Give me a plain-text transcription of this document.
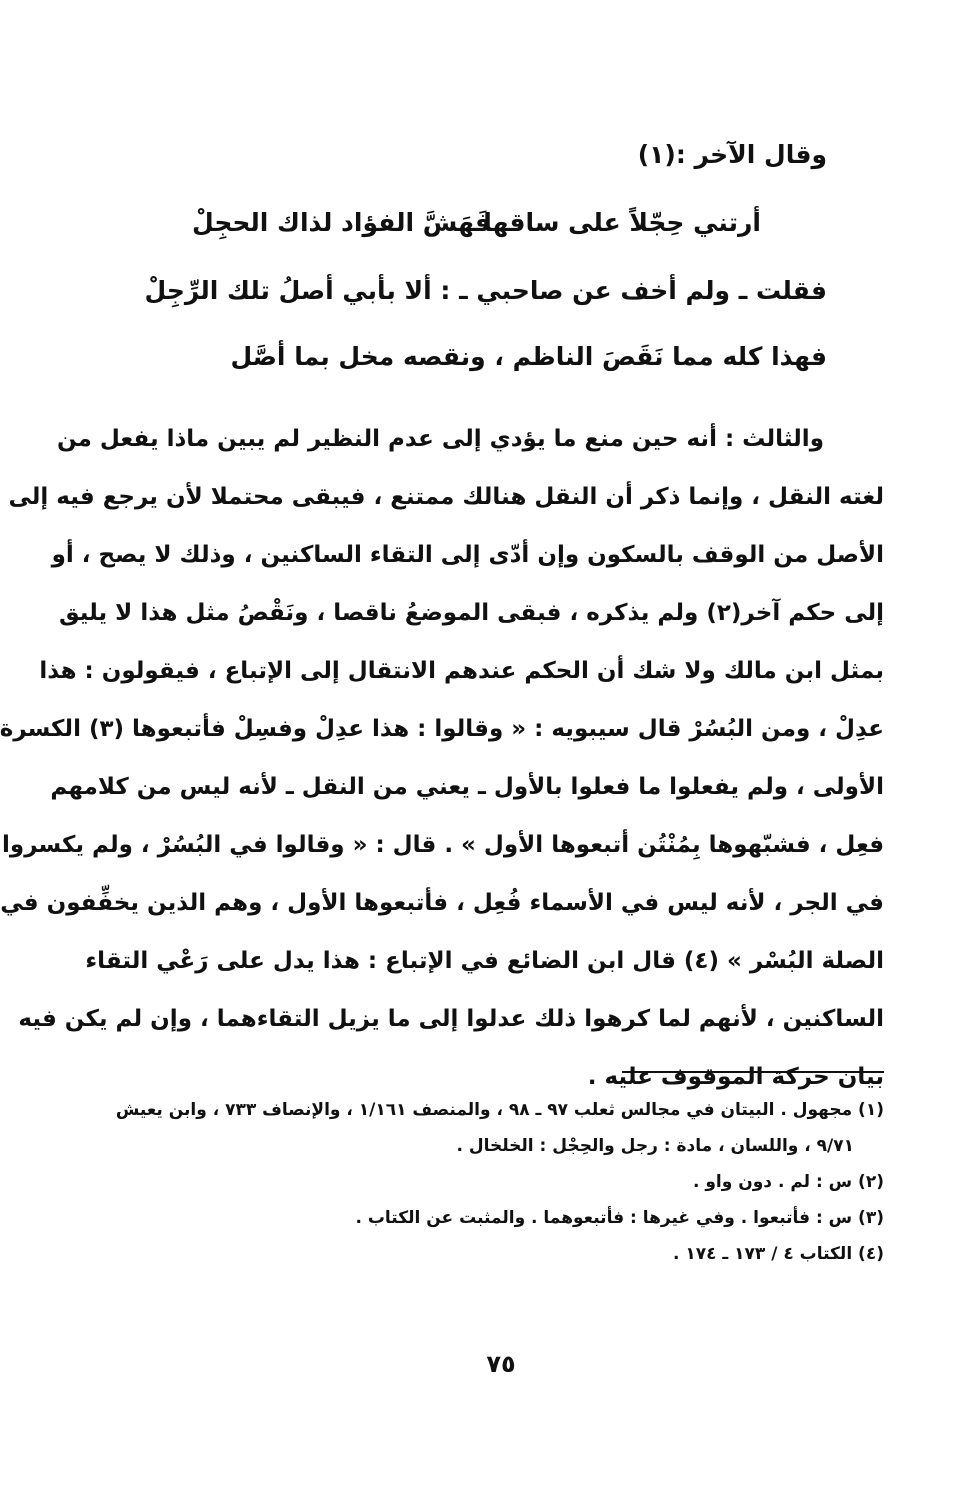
وقال الآخر :(١)
أرتني حِجّلاً على ساقها
فَهَشَّ الفؤاد لذاك الحجِلْ
فقلت ـ ولم أخف عن صاحبي ـ : ألا بأبي أصلُ تلك الرِّجِلْ
فهذا كله مما نَقَصَ الناظم ، ونقصه مخل بما أصَّل
والثالث : أنه حين منع ما يؤدي إلى عدم النظير لم يبين ماذا يفعل من
لغته النقل ، وإنما ذكر أن النقل هنالك ممتنع ، فيبقى محتملا لأن يرجع فيه إلى
الأصل من الوقف بالسكون وإن أدّى إلى التقاء الساكنين ، وذلك لا يصح ، أو
إلى حكم آخر(٢) ولم يذكره ، فبقى الموضعُ ناقصا ، ونَقْصُ مثل هذا لا يليق
بمثل ابن مالك ولا شك أن الحكم عندهم الانتقال إلى الإتباع ، فيقولون : هذا
عدِلْ ، ومن البُسُرْ قال سيبويه : « وقالوا : هذا عدِلْ وفسِلْ فأتبعوها (٣) الكسرة
الأولى ، ولم يفعلوا ما فعلوا بالأول ـ يعني من النقل ـ لأنه ليس من كلامهم
فعِل ، فشبّهوها بِمُنْتُن أتبعوها الأول » . قال : « وقالوا في البُسُرْ ، ولم يكسروا
في الجر ، لأنه ليس في الأسماء فُعِل ، فأتبعوها الأول ، وهم الذين يخفِّفون في
الصلة البُسْر » (٤) قال ابن الضائع في الإتباع : هذا يدل على رَعْي التقاء
الساكنين ، لأنهم لما كرهوا ذلك عدلوا إلى ما يزيل التقاءهما ، وإن لم يكن فيه
بيان حركة الموقوف عليه .
(١) مجهول . البيتان في مجالس ثعلب ٩٧ ـ ٩٨ ، والمنصف ١/١٦١ ، والإنصاف ٧٣٣ ، وابن يعيش
٩/٧١ ، واللسان ، مادة : رجل والحِجْل : الخلخال .
(٢) س : لم . دون واو .
(٣) س : فأتبعوا . وفي غيرها : فأتبعوهما . والمثبت عن الكتاب .
(٤) الكتاب ٤ / ١٧٣ ـ ١٧٤ .
٧٥
